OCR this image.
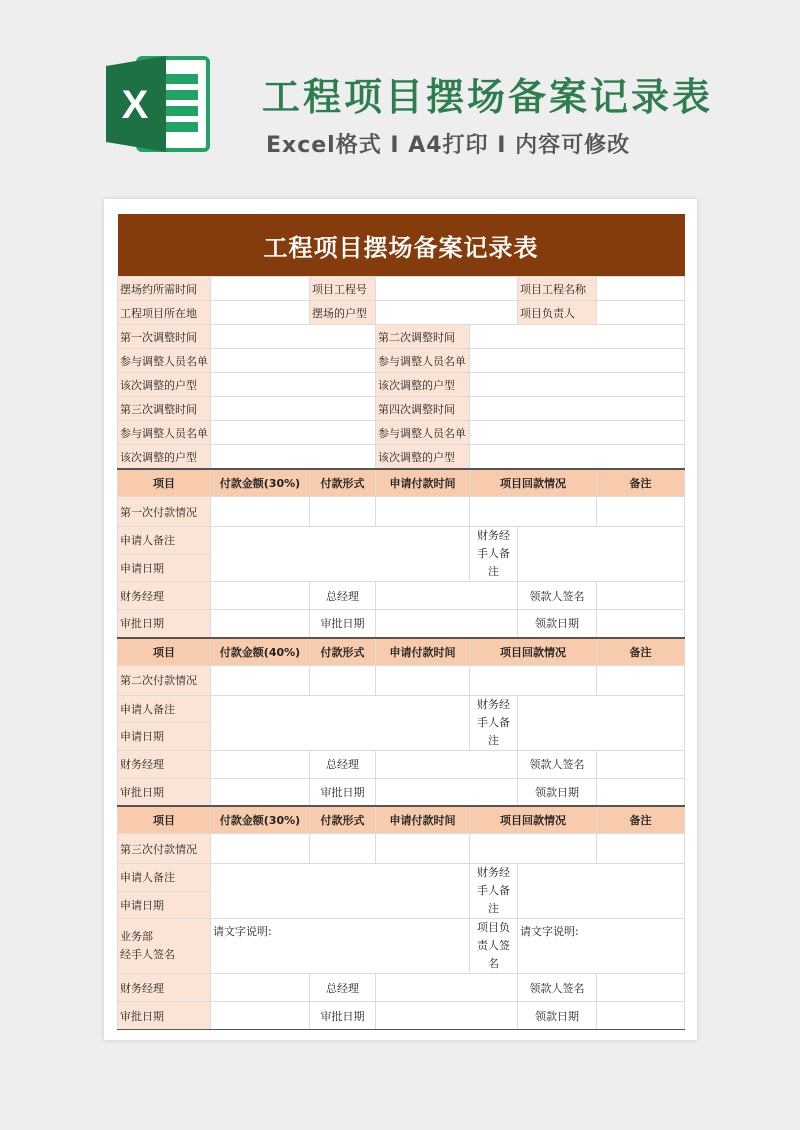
X	工程项目摆场备案记录表
Excel格式 I A4打印 I 内容可修改
工程项目摆场备案记录表						
摆场约所需时间		项目工程号			项目工程名称	
工程项目所在地		摆场的户型			项目负责人	
第一次调整时间			第二次调整时间			
参与调整人员名单			参与调整人员名单			
该次调整的户型			该次调整的户型			
第三次调整时间			第四次调整时间			
参与调整人员名单			参与调整人员名单			
该次调整的户型			该次调整的户型			
项目	付款金额(30%)	付款形式	申请付款时间	项目回款情况		备注
第一次付款情况						
申请人备注				财务经手人备注		
申请日期						
财务经理		总经理			领款人签名	
审批日期		审批日期			领款日期	
项目	付款金额(40%)	付款形式	申请付款时间	项目回款情况		备注
第二次付款情况						
申请人备注				财务经手人备注		
申请日期						
财务经理		总经理			领款人签名	
审批日期		审批日期			领款日期	
项目	付款金额(30%)	付款形式	申请付款时间	项目回款情况		备注
第三次付款情况						
申请人备注				财务经手人备注		
申请日期						

业务部
经手人签名	请文字说明:			项目负责人签名	请文字说明:	
财务经理		总经理			领款人签名	
审批日期		审批日期			领款日期	
